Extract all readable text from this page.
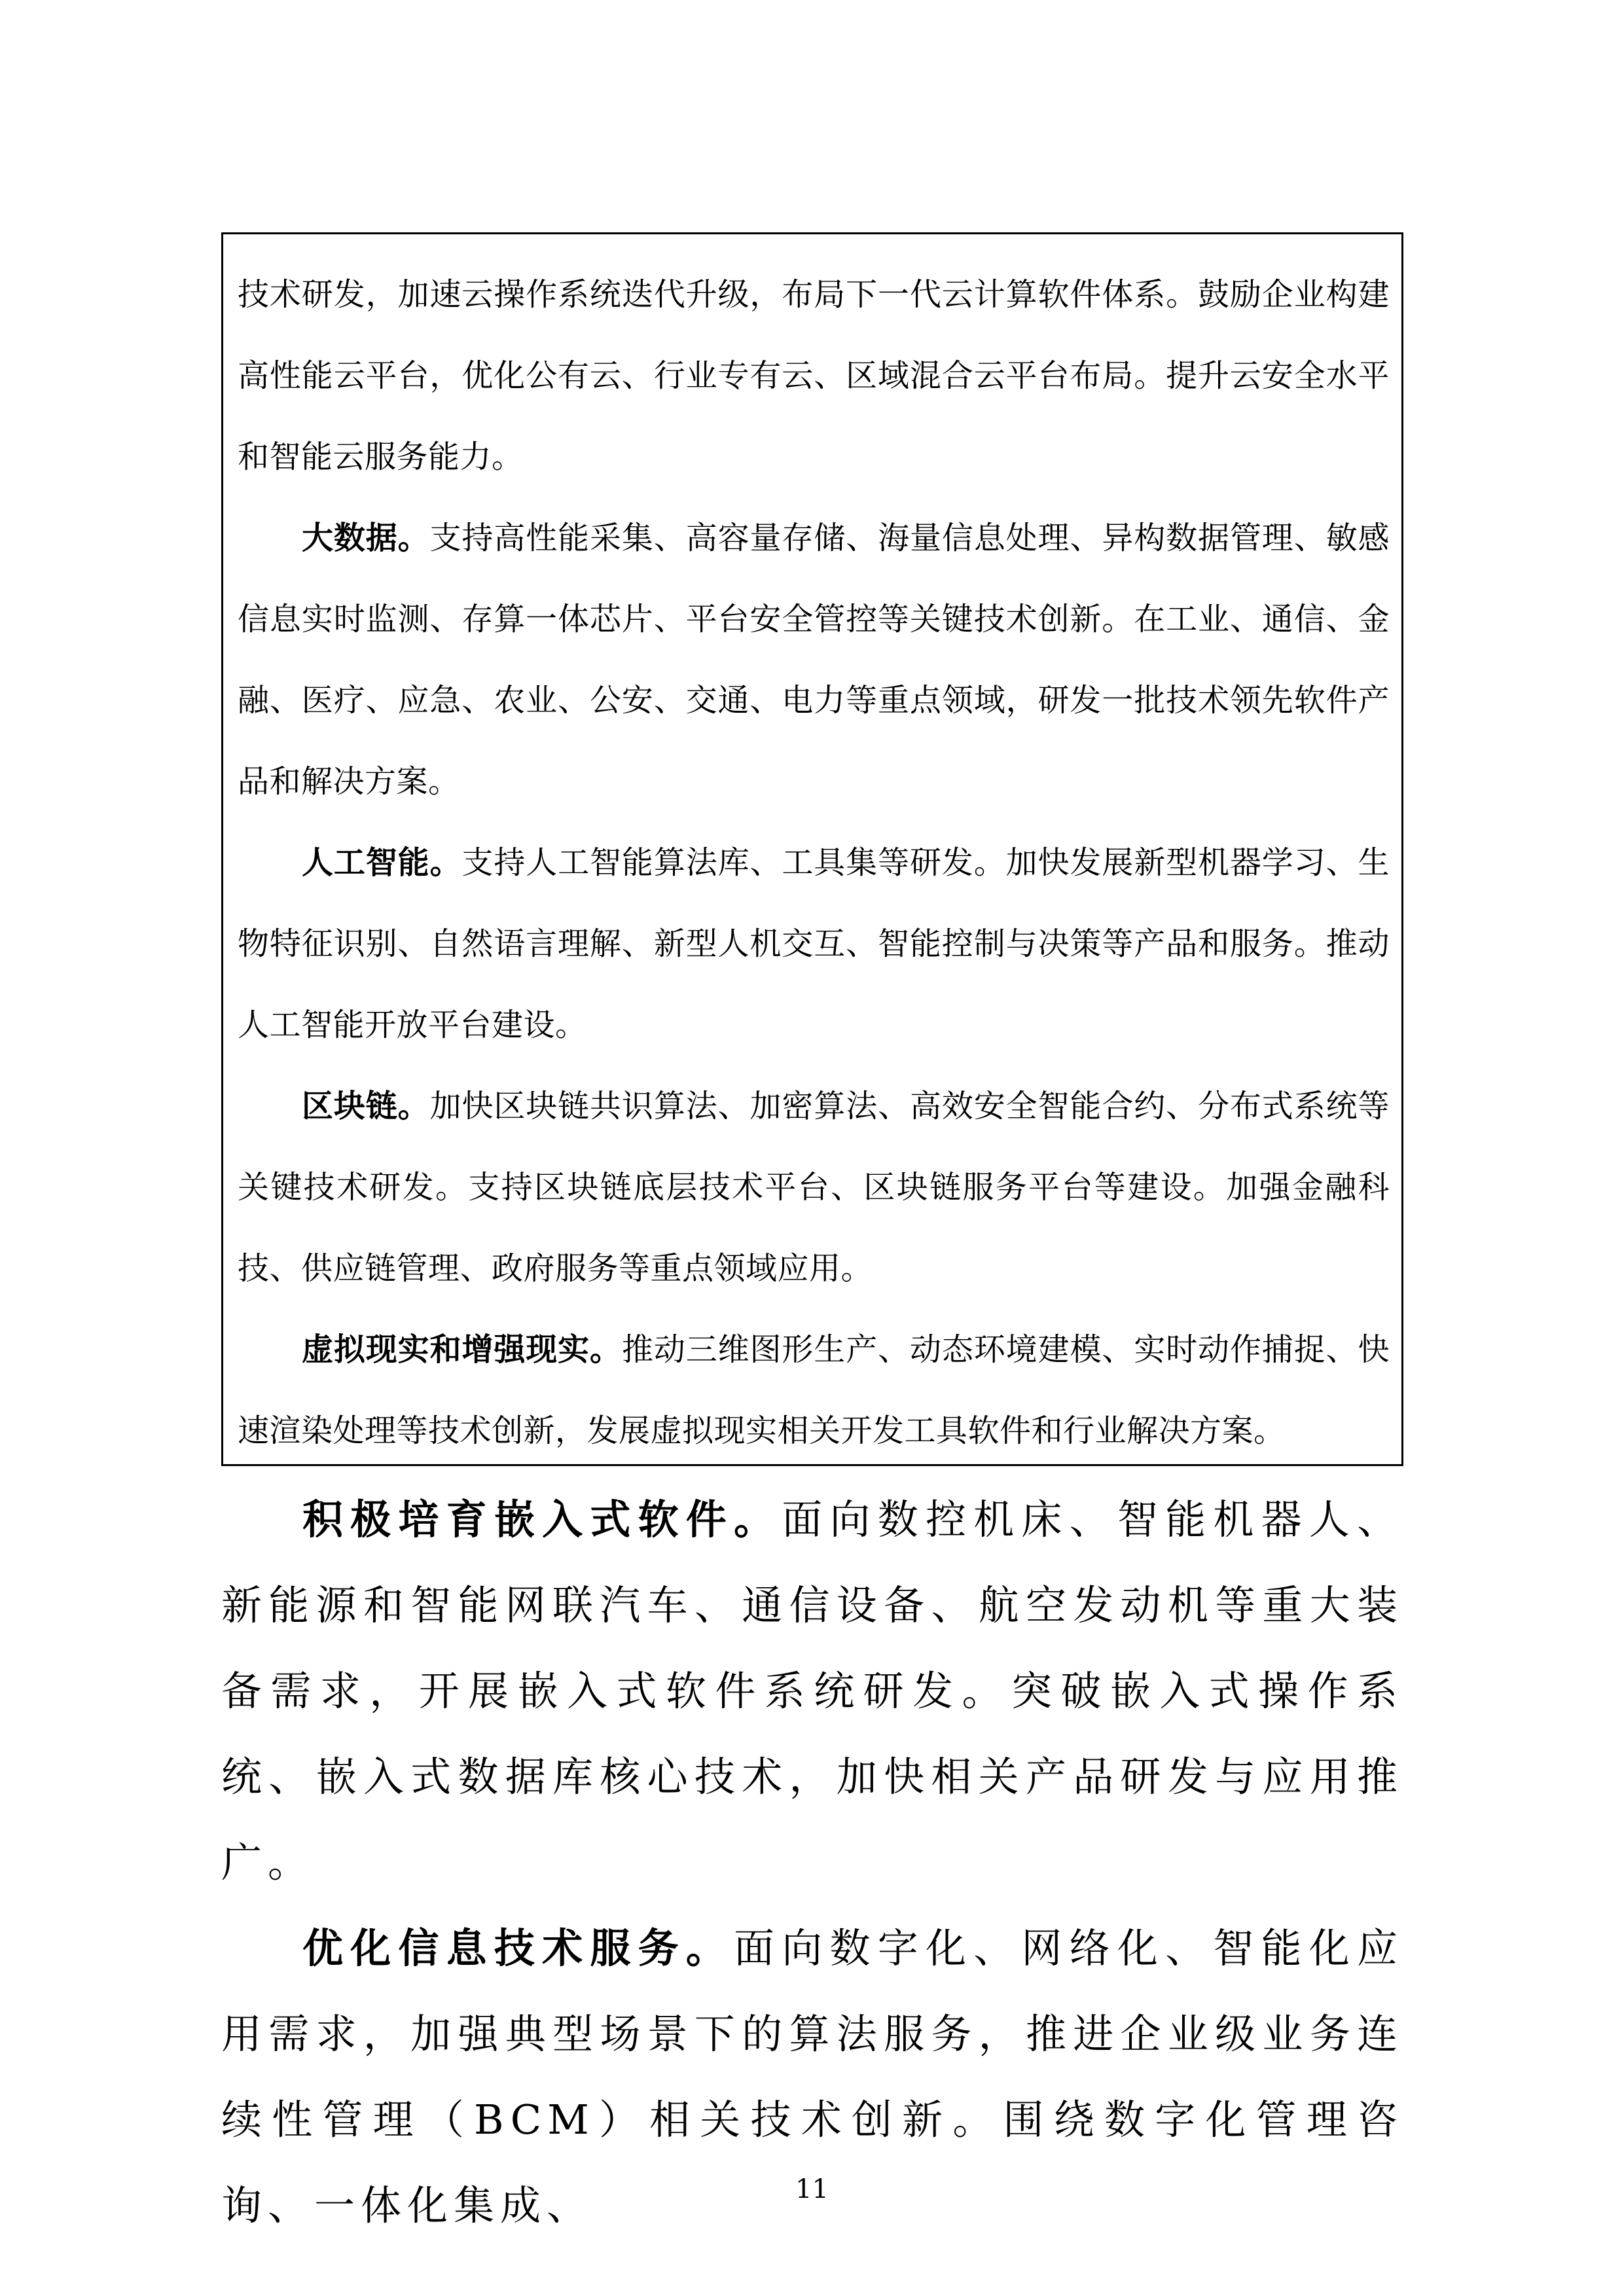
技术研发，加速云操作系统迭代升级，布局下一代云计算软件体系。鼓励企业构建高性能云平台，优化公有云、行业专有云、区域混合云平台布局。提升云安全水平和智能云服务能力。

大数据。支持高性能采集、高容量存储、海量信息处理、异构数据管理、敏感信息实时监测、存算一体芯片、平台安全管控等关键技术创新。在工业、通信、金融、医疗、应急、农业、公安、交通、电力等重点领域，研发一批技术领先软件产品和解决方案。

人工智能。支持人工智能算法库、工具集等研发。加快发展新型机器学习、生物特征识别、自然语言理解、新型人机交互、智能控制与决策等产品和服务。推动人工智能开放平台建设。

区块链。加快区块链共识算法、加密算法、高效安全智能合约、分布式系统等关键技术研发。支持区块链底层技术平台、区块链服务平台等建设。加强金融科技、供应链管理、政府服务等重点领域应用。

虚拟现实和增强现实。推动三维图形生产、动态环境建模、实时动作捕捉、快速渲染处理等技术创新，发展虚拟现实相关开发工具软件和行业解决方案。

积极培育嵌入式软件。面向数控机床、智能机器人、新能源和智能网联汽车、通信设备、航空发动机等重大装备需求，开展嵌入式软件系统研发。突破嵌入式操作系统、嵌入式数据库核心技术，加快相关产品研发与应用推广。

优化信息技术服务。面向数字化、网络化、智能化应用需求，加强典型场景下的算法服务，推进企业级业务连续性管理（BCM）相关技术创新。围绕数字化管理咨询、一体化集成、	11
